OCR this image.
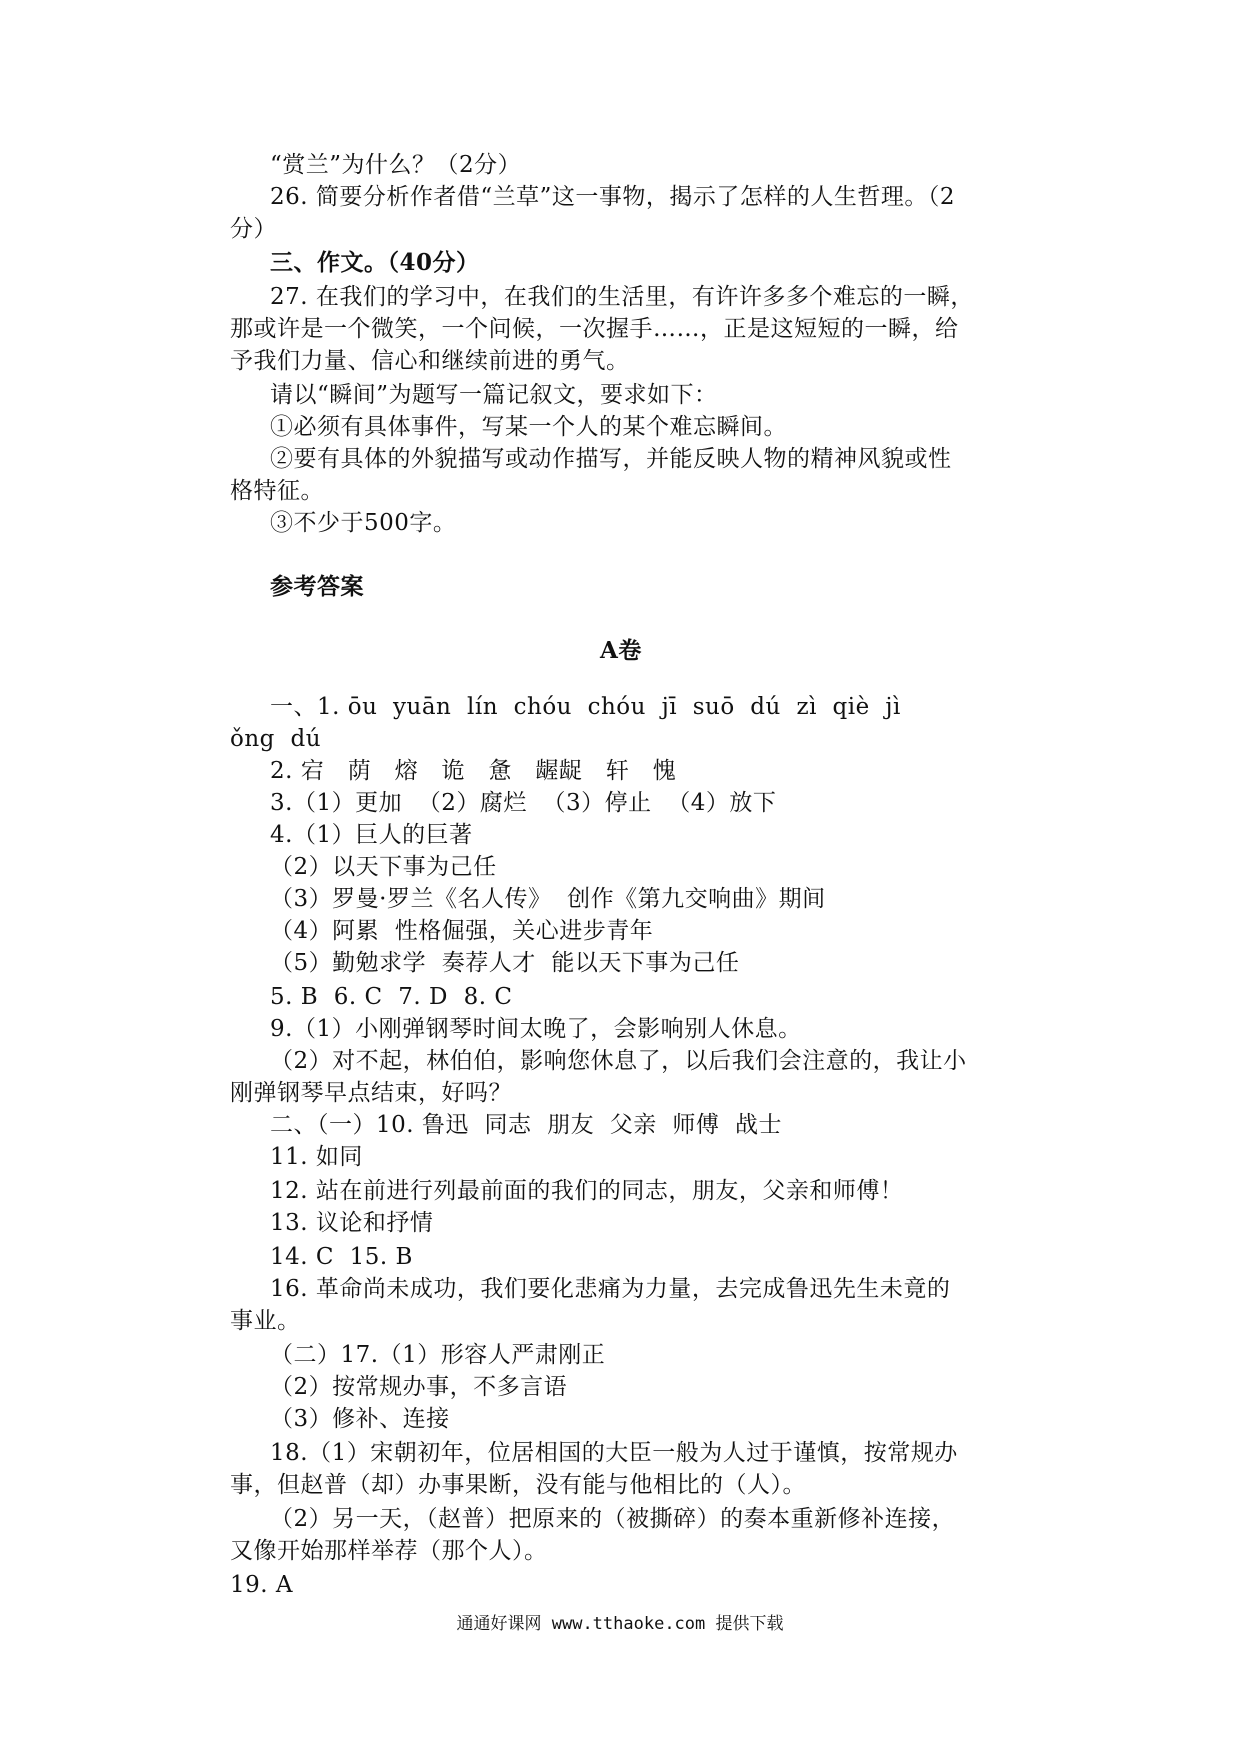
“赏兰”为什么？（2分）
26. 简要分析作者借“兰草”这一事物，揭示了怎样的人生哲理。（2
分）
三、作文。（40分）
27. 在我们的学习中，在我们的生活里，有许许多多个难忘的一瞬，
那或许是一个微笑，一个问候，一次握手……，正是这短短的一瞬，给
予我们力量、信心和继续前进的勇气。
请以“瞬间”为题写一篇记叙文，要求如下：
①必须有具体事件，写某一个人的某个难忘瞬间。
②要有具体的外貌描写或动作描写，并能反映人物的精神风貌或性
格特征。
③不少于500字。
参考答案
A卷
一、1. ōu  yuān  lín  chóu  chóu  jī  suō  dú  zì  qiè  jì
ǒng  dú
2. 宕   荫   熔   诡   惫   龌龊   轩   愧
3.（1）更加  （2）腐烂  （3）停止  （4）放下
4.（1）巨人的巨著
（2）以天下事为己任
（3）罗曼·罗兰《名人传》  创作《第九交响曲》期间
（4）阿累  性格倔强，关心进步青年
（5）勤勉求学  奏荐人才  能以天下事为己任
5. B  6. C  7. D  8. C
9.（1）小刚弹钢琴时间太晚了，会影响别人休息。
（2）对不起，林伯伯，影响您休息了，以后我们会注意的，我让小
刚弹钢琴早点结束，好吗？
二、（一）10. 鲁迅  同志  朋友  父亲  师傅  战士
11. 如同
12. 站在前进行列最前面的我们的同志，朋友，父亲和师傅！
13. 议论和抒情
14. C  15. B
16. 革命尚未成功，我们要化悲痛为力量，去完成鲁迅先生未竟的
事业。
（二）17.（1）形容人严肃刚正
（2）按常规办事，不多言语
（3）修补、连接
18.（1）宋朝初年，位居相国的大臣一般为人过于谨慎，按常规办
事，但赵普（却）办事果断，没有能与他相比的（人）。
（2）另一天，（赵普）把原来的（被撕碎）的奏本重新修补连接，
又像开始那样举荐（那个人）。
19. A
通通好课网 www.tthaoke.com 提供下载
